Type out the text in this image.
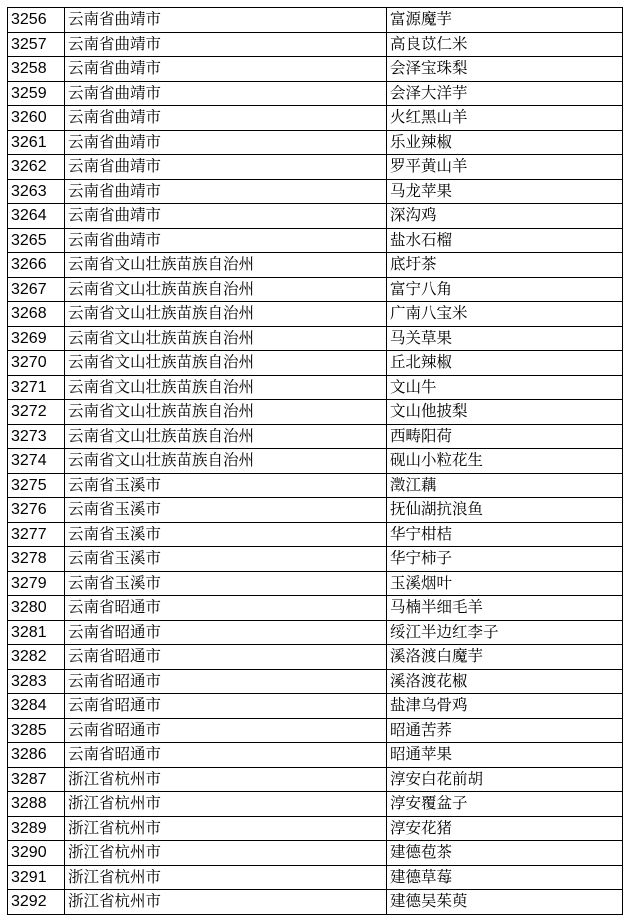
3256	云南省曲靖市	富源魔芋
3257	云南省曲靖市	高良苡仁米
3258	云南省曲靖市	会泽宝珠梨
3259	云南省曲靖市	会泽大洋芋
3260	云南省曲靖市	火红黑山羊
3261	云南省曲靖市	乐业辣椒
3262	云南省曲靖市	罗平黄山羊
3263	云南省曲靖市	马龙苹果
3264	云南省曲靖市	深沟鸡
3265	云南省曲靖市	盐水石榴
3266	云南省文山壮族苗族自治州	底圩茶
3267	云南省文山壮族苗族自治州	富宁八角
3268	云南省文山壮族苗族自治州	广南八宝米
3269	云南省文山壮族苗族自治州	马关草果
3270	云南省文山壮族苗族自治州	丘北辣椒
3271	云南省文山壮族苗族自治州	文山牛
3272	云南省文山壮族苗族自治州	文山他披梨
3273	云南省文山壮族苗族自治州	西畴阳荷
3274	云南省文山壮族苗族自治州	砚山小粒花生
3275	云南省玉溪市	澂江藕
3276	云南省玉溪市	抚仙湖抗浪鱼
3277	云南省玉溪市	华宁柑桔
3278	云南省玉溪市	华宁柿子
3279	云南省玉溪市	玉溪烟叶
3280	云南省昭通市	马楠半细毛羊
3281	云南省昭通市	绥江半边红李子
3282	云南省昭通市	溪洛渡白魔芋
3283	云南省昭通市	溪洛渡花椒
3284	云南省昭通市	盐津乌骨鸡
3285	云南省昭通市	昭通苦荞
3286	云南省昭通市	昭通苹果
3287	浙江省杭州市	淳安白花前胡
3288	浙江省杭州市	淳安覆盆子
3289	浙江省杭州市	淳安花猪
3290	浙江省杭州市	建德苞茶
3291	浙江省杭州市	建德草莓
3292	浙江省杭州市	建德吴茱萸
